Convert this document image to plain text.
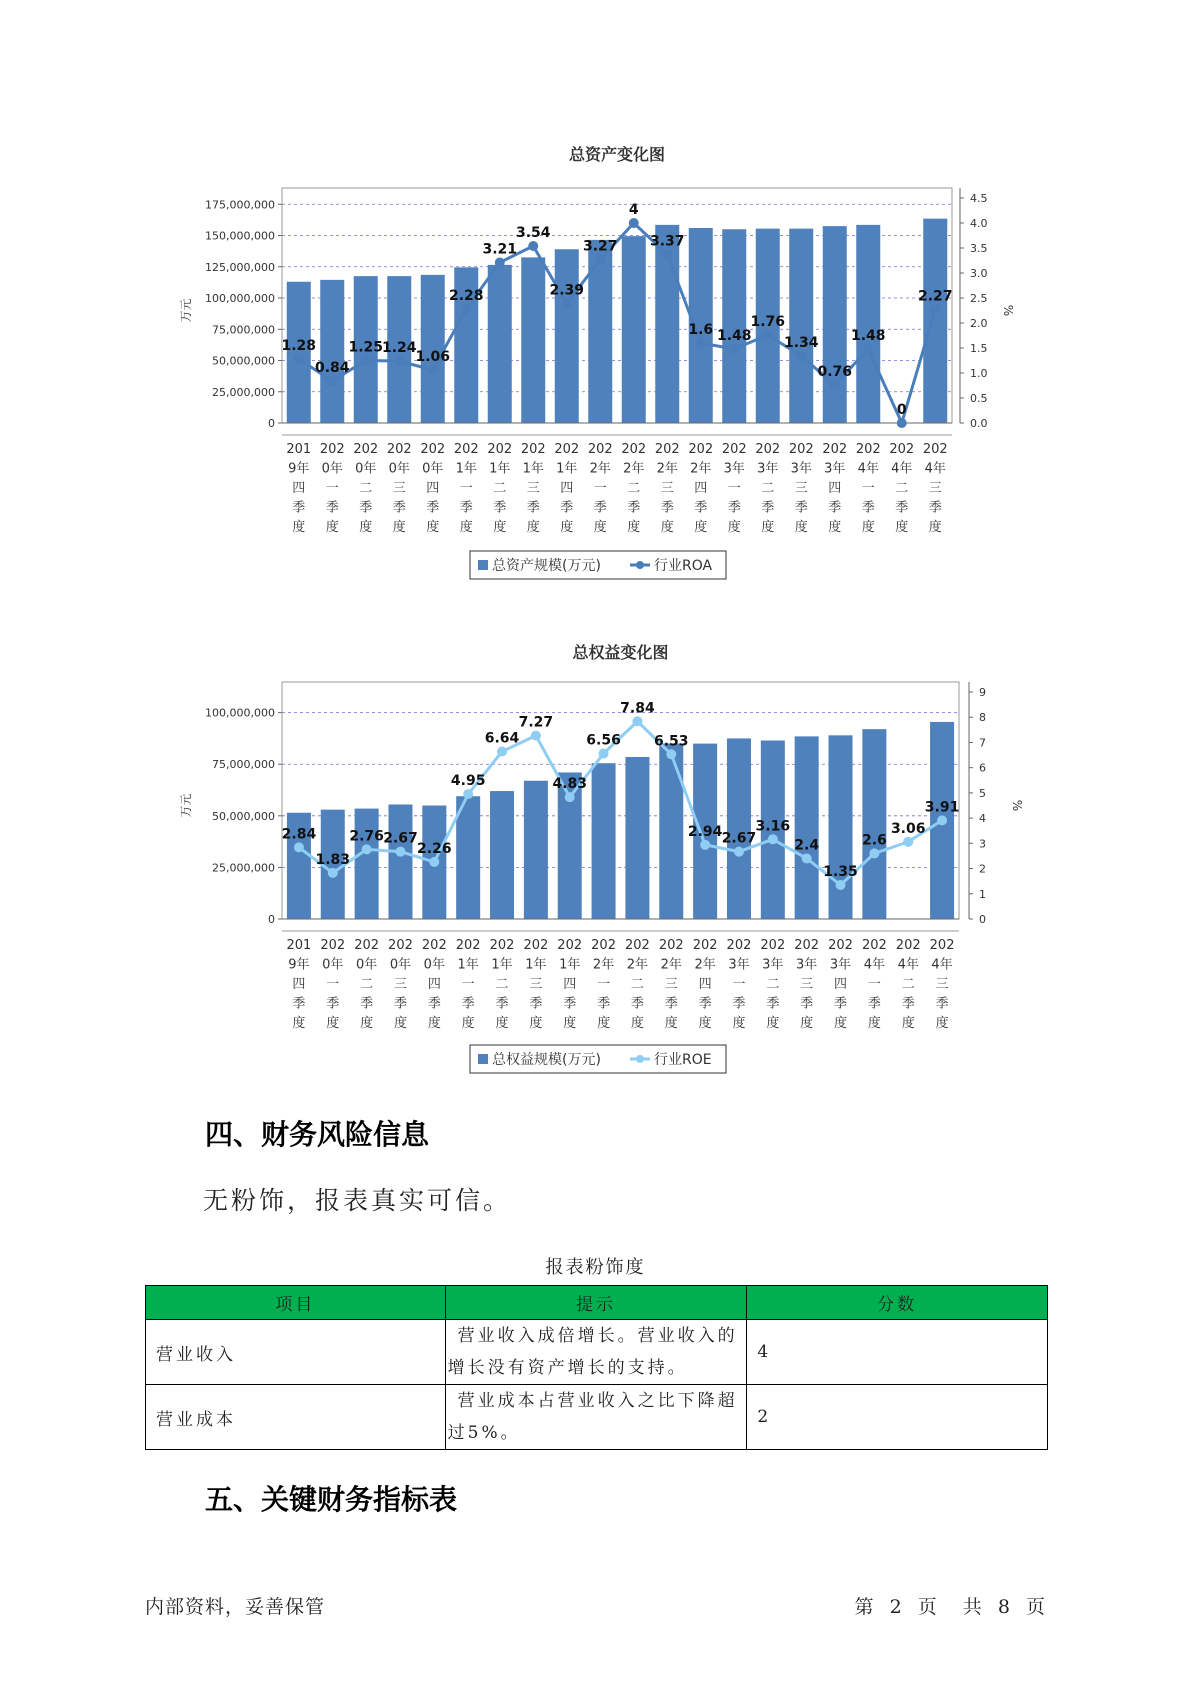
总资产变化图
0
25,000,000
50,000,000
75,000,000
100,000,000
125,000,000
150,000,000
175,000,000
0.0
0.5
1.0
1.5
2.0
2.5
3.0
3.5
4.0
4.5
万元	%
1.28
0.84
1.25
1.24
1.06
2.28
3.21
3.54
2.39
3.27
4
3.37
1.6 1.48
1.76
1.34
0.76
1.48
0
2.27
201
9年
四
季
度
202
0年
一
季
度
202
0年
二
季
度
202
0年
三
季
度
202
0年
四
季
度
202
1年
一
季
度
202
1年
二
季
度
202
1年
三
季
度
202
1年
四
季
度
202
2年
一
季
度
202
2年
二
季
度
202
2年
三
季
度
202
2年
四
季
度
202
3年
一
季
度
202
3年
二
季
度
202
3年
三
季
度
202
3年
四
季
度
202
4年
一
季
度
202
4年
二
季
度
202
4年
三
季
度
总资产规模(万元)	行业ROA
总权益变化图
0
25,000,000
50,000,000
75,000,000
100,000,000
0
1
2
3
4
5
6
7
8
9
万元	%
2.84
1.83
2.76 2.67
2.26
4.95
6.64
7.27
4.83
6.56
7.84
6.53
2.94 2.67
3.16
2.4
1.35
2.6
3.06
3.91
201
9年
四
季
度
202
0年
一
季
度
202
0年
二
季
度
202
0年
三
季
度
202
0年
四
季
度
202
1年
一
季
度
202
1年
二
季
度
202
1年
三
季
度
202
1年
四
季
度
202
2年
一
季
度
202
2年
二
季
度
202
2年
三
季
度
202
2年
四
季
度
202
3年
一
季
度
202
3年
二
季
度
202
3年
三
季
度
202
3年
四
季
度
202
4年
一
季
度
202
4年
二
季
度
202
4年
三
季
度
总权益规模(万元)	行业ROE
四、财务风险信息

无粉饰，报表真实可信。

报表粉饰度
项目	提示	分数
营业收入	营业收入成倍增长。营业收入的增长没有资产增长的支持。	4
营业成本	营业成本占营业收入之比下降超过5%。	2
五、关键财务指标表
内部资料，妥善保管	第 2 页 共 8 页
